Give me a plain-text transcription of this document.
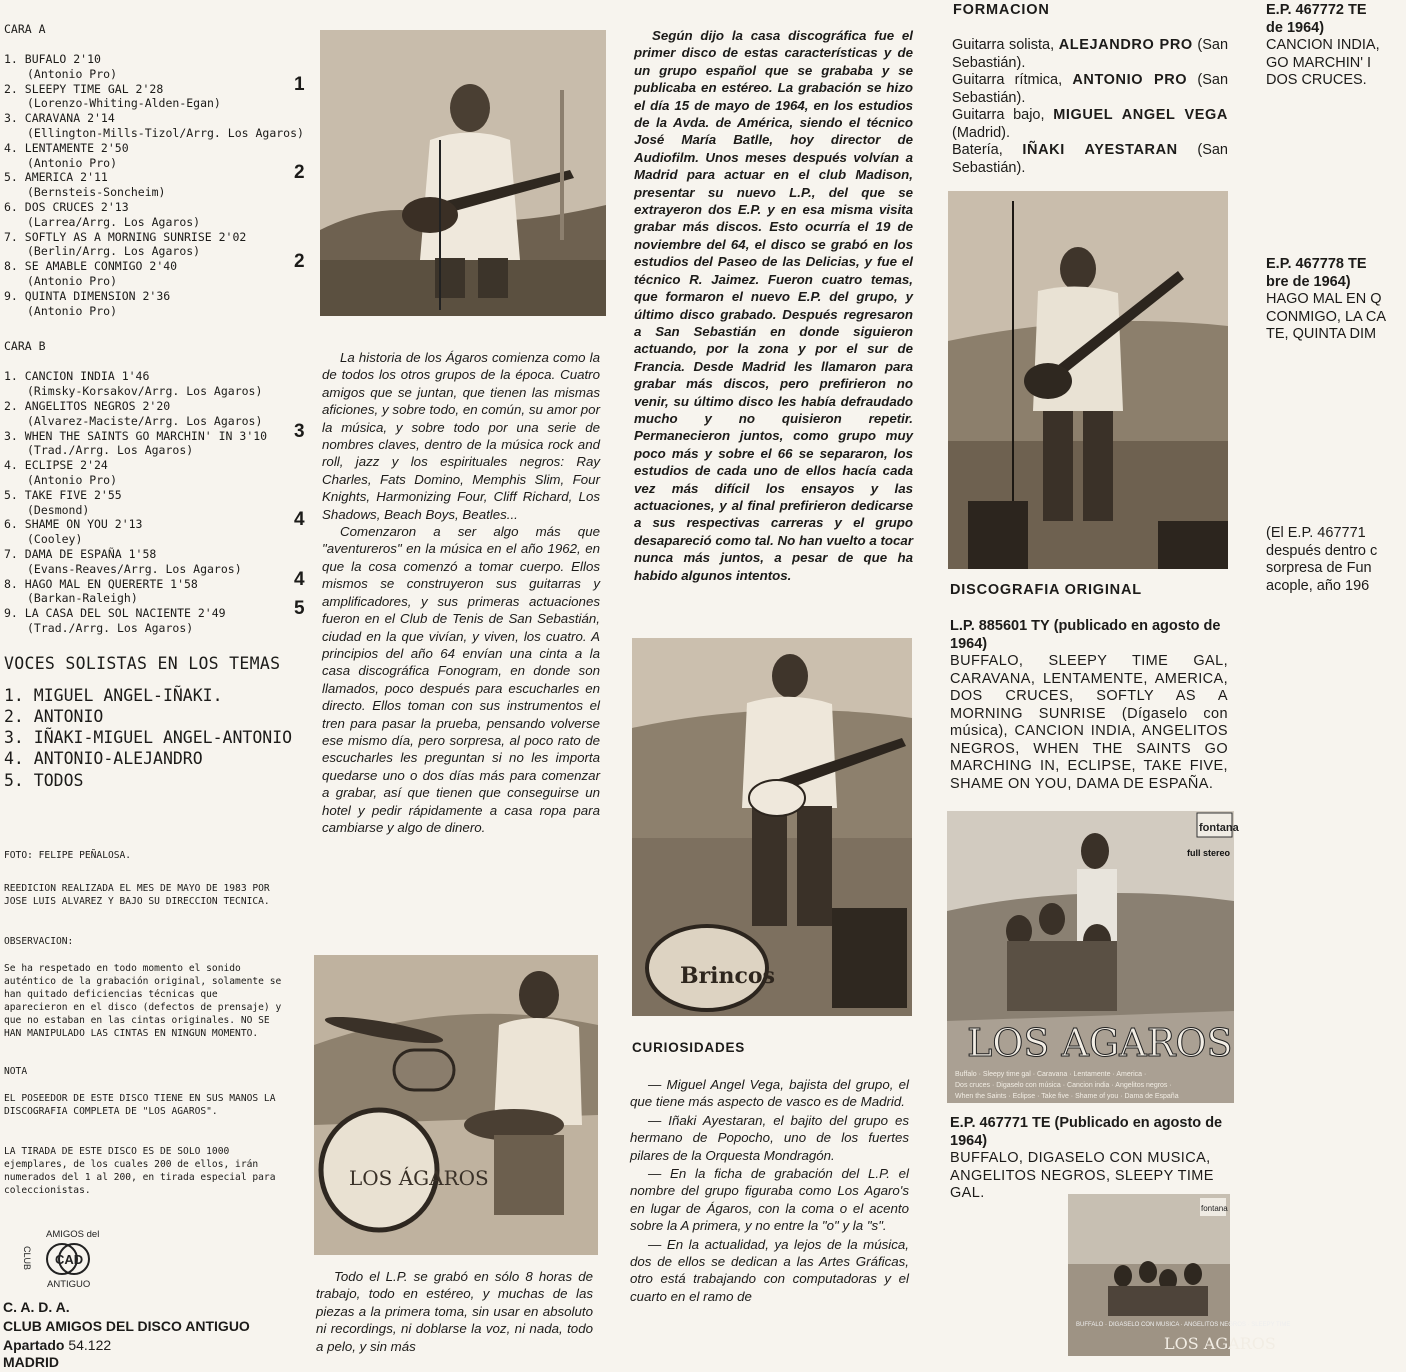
CARA A
1. BUFALO 2'10
(Antonio Pro)
2. SLEEPY TIME GAL 2'28
(Lorenzo-Whiting-Alden-Egan)
1
3. CARAVANA 2'14
(Ellington-Mills-Tizol/Arrg. Los Agaros)
4. LENTAMENTE 2'50
(Antonio Pro)
5. AMERICA 2'11
(Bernsteis-Soncheim)
2
6. DOS CRUCES 2'13
(Larrea/Arrg. Los Agaros)
7. SOFTLY AS A MORNING SUNRISE 2'02
(Berlin/Arrg. Los Agaros)
8. SE AMABLE CONMIGO 2'40
(Antonio Pro)
2
9. QUINTA DIMENSION 2'36
(Antonio Pro)
CARA B
1. CANCION INDIA 1'46
(Rimsky-Korsakov/Arrg. Los Agaros)
2. ANGELITOS NEGROS 2'20
(Alvarez-Maciste/Arrg. Los Agaros)
3. WHEN THE SAINTS GO MARCHIN' IN 3'10
(Trad./Arrg. Los Agaros)
3
4. ECLIPSE 2'24
(Antonio Pro)
5. TAKE FIVE 2'55
(Desmond)
6. SHAME ON YOU 2'13
(Cooley)
4
7. DAMA DE ESPAÑA 1'58
(Evans-Reaves/Arrg. Los Agaros)
8. HAGO MAL EN QUERERTE 1'58
(Barkan-Raleigh)
4
9. LA CASA DEL SOL NACIENTE 2'49
(Trad./Arrg. Los Agaros)
5
VOCES SOLISTAS EN LOS TEMAS
1. MIGUEL ANGEL-IÑAKI.
2. ANTONIO
3. IÑAKI-MIGUEL ANGEL-ANTONIO
4. ANTONIO-ALEJANDRO
5. TODOS
FOTO: FELIPE PEÑALOSA.
REEDICION REALIZADA EL MES DE MAYO DE 1983 POR JOSE LUIS ALVAREZ Y BAJO SU DIRECCION TECNICA.
OBSERVACION:
Se ha respetado en todo momento el sonido auténtico de la grabación original, solamente se han quitado deficiencias técnicas que aparecieron en el disco (defectos de prensaje) y que no estaban en las cintas originales. NO SE HAN MANIPULADO LAS CINTAS EN NINGUN MOMENTO.
NOTA
EL POSEEDOR DE ESTE DISCO TIENE EN SUS MANOS LA DISCOGRAFIA COMPLETA DE "LOS AGAROS".
LA TIRADA DE ESTE DISCO ES DE SOLO 1000 ejemplares, de los cuales 200 de ellos, irán numerados del 1 al 200, en tirada especial para coleccionistas.
AMIGOS del
ANTIGUO
CLUB CAD
C. A. D. A.
CLUB AMIGOS DEL DISCO ANTIGUO
Apartado 54.122
MADRID
LOS ÁGAROS
Brincos
fontana
full stereo
LOS AGAROS
Buffalo · Sleepy time gal · Caravana · Lentamente · America ·
Dos cruces · Digaselo con música · Cancion india · Angelitos negros ·
When the Saints · Eclipse · Take five · Shame of you · Dama de España
fontana
BUFFALO · DIGASELO CON MUSICA · ANGELITOS NEGROS · SLEEPY TIME
LOS AGAROS

La historia de los Ágaros comienza como la de todos los otros grupos de la época. Cuatro amigos que se juntan, que tienen las mismas aficiones, y sobre todo, en común, su amor por la música, y sobre todo por una serie de nombres claves, dentro de la música rock and roll, jazz y los espirituales negros: Ray Charles, Fats Domino, Memphis Slim, Four Knights, Harmonizing Four, Cliff Richard, Los Shadows, Beach Boys, Beatles...

Comenzaron a ser algo más que "aventureros" en la música en el año 1962, en que la cosa comenzó a tomar cuerpo. Ellos mismos se construyeron sus guitarras y amplificadores, y sus primeras actuaciones fueron en el Club de Tenis de San Sebastián, ciudad en la que vivían, y viven, los cuatro. A principios del año 64 envían una cinta a la casa discográfica Fonogram, en donde son llamados, poco después para escucharles en directo. Ellos toman con sus instrumentos el tren para pasar la prueba, pensando volverse ese mismo día, pero sorpresa, al poco rato de escucharles les preguntan si no les importa quedarse uno o dos días más para comenzar a grabar, así que tienen que conseguirse un hotel y pedir rápidamente a casa ropa para cambiarse y algo de dinero.

Todo el L.P. se grabó en sólo 8 horas de trabajo, todo en estéreo, y muchas de las piezas a la primera toma, sin usar en absoluto ni recordings, ni doblarse la voz, ni nada, todo a pelo, y sin más

Según dijo la casa discográfica fue el primer disco de estas características y de un grupo español que se grababa y se publicaba en estéreo. La grabación se hizo el día 15 de mayo de 1964, en los estudios de la Avda. de América, siendo el técnico José María Batlle, hoy director de Audiofilm. Unos meses después volvían a Madrid para actuar en el club Madison, presentar su nuevo L.P., del que se extrayeron dos E.P. y en esa misma visita grabar más discos. Esto ocurría el 19 de noviembre del 64, el disco se grabó en los estudios del Paseo de las Delicias, y fue el técnico R. Jaimez. Fueron cuatro temas, que formaron el nuevo E.P. del grupo, y último disco grabado. Después regresaron a San Sebastián en donde siguieron actuando, por la zona y por el sur de Francia. Desde Madrid les llamaron para grabar más discos, pero prefirieron no venir, su último disco les había defraudado mucho y no quisieron repetir. Permanecieron juntos, como grupo muy poco más y sobre el 66 se separaron, los estudios de cada uno de ellos hacía cada vez más difícil los ensayos y las actuaciones, y al final prefirieron dedicarse a sus respectivas carreras y el grupo desapareció como tal. No han vuelto a tocar nunca más juntos, a pesar de que ha habido algunos intentos.

CURIOSIDADES

— Miguel Angel Vega, bajista del grupo, el que tiene más aspecto de vasco es de Madrid.

— Iñaki Ayestaran, el bajito del grupo es hermano de Popocho, uno de los fuertes pilares de la Orquesta Mondragón.

— En la ficha de grabación del L.P. el nombre del grupo figuraba como Los Agaro's en lugar de Ágaros, con la coma o el acento sobre la A primera, y no entre la "o" y la "s".

— En la actualidad, ya lejos de la música, dos de ellos se dedican a las Artes Gráficas, otro está trabajando con computadoras y el cuarto en el ramo de

FORMACION
Guitarra solista, ALEJANDRO PRO (San Sebastián).
Guitarra rítmica, ANTONIO PRO (San Sebastián).
Guitarra bajo, MIGUEL ANGEL VEGA (Madrid).
Batería, IÑAKI AYESTARAN (San Sebastián).
DISCOGRAFIA ORIGINAL
L.P. 885601 TY (publicado en agosto de 1964)
BUFFALO, SLEEPY TIME GAL, CARAVANA, LENTAMENTE, AMERICA, DOS CRUCES, SOFTLY AS A MORNING SUNRISE (Dígaselo con música), CANCION INDIA, ANGELITOS NEGROS, WHEN THE SAINTS GO MARCHING IN, ECLIPSE, TAKE FIVE, SHAME ON YOU, DAMA DE ESPAÑA.
E.P. 467771 TE (Publicado en agosto de 1964)
BUFFALO, DIGASELO CON MUSICA, ANGELITOS NEGROS, SLEEPY TIME GAL.
E.P. 467772 TE
de 1964)
CANCION INDIA,
GO MARCHIN' I
DOS CRUCES.
E.P. 467778 TE
bre de 1964)
HAGO MAL EN Q
CONMIGO, LA CA
TE, QUINTA DIM
(El E.P. 467771
después dentro c
sorpresa de Fun
acople, año 196
